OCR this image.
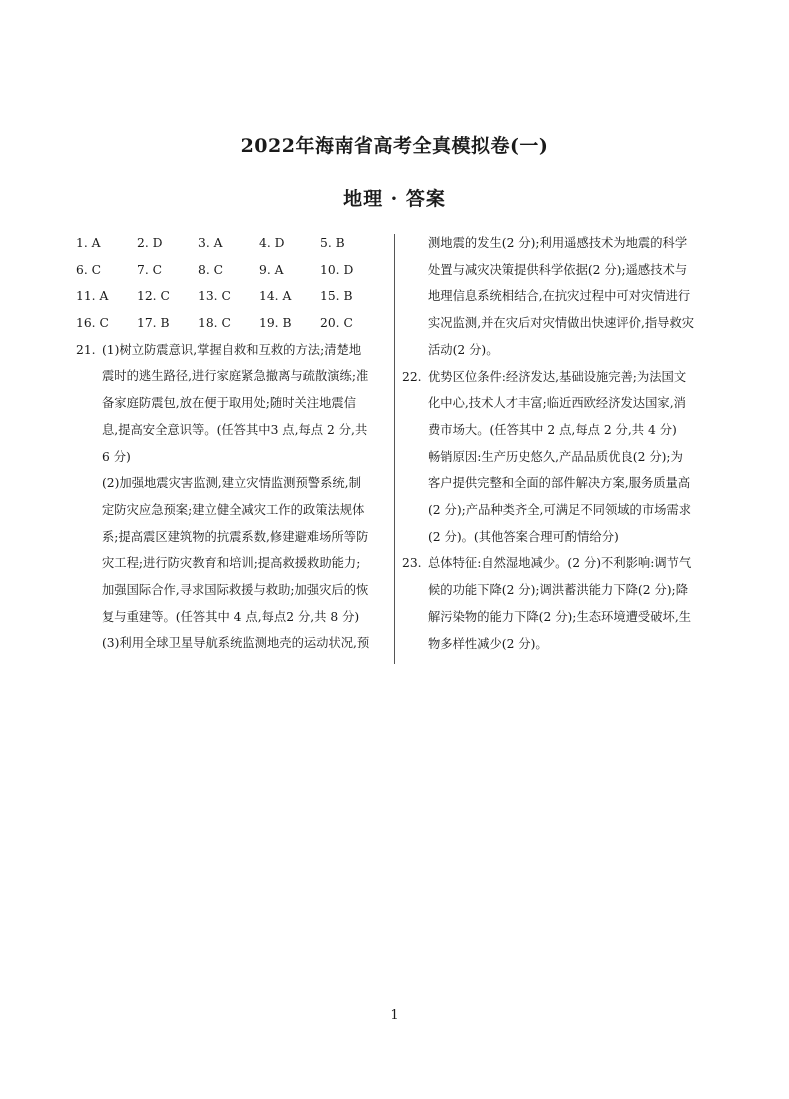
2022年海南省高考全真模拟卷(一)
地理 · 答案
1. A	2. D	3. A	4. D	5. B
6. C	7. C	8. C	9. A	10. D
11. A	12. C	13. C	14. A	15. B
16. C	17. B	18. C	19. B	20. C
21. (1)树立防震意识,掌握自救和互救的方法;清楚地
震时的逃生路径,进行家庭紧急撤离与疏散演练;准
备家庭防震包,放在便于取用处;随时关注地震信
息,提高安全意识等。(任答其中3 点,每点 2 分,共
6 分)
(2)加强地震灾害监测,建立灾情监测预警系统,制
定防灾应急预案;建立健全减灾工作的政策法规体
系;提高震区建筑物的抗震系数,修建避难场所等防
灾工程;进行防灾教育和培训;提高救援救助能力;
加强国际合作,寻求国际救援与救助;加强灾后的恢
复与重建等。(任答其中 4 点,每点2 分,共 8 分)
(3)利用全球卫星导航系统监测地壳的运动状况,预
测地震的发生(2 分);利用遥感技术为地震的科学
处置与减灾决策提供科学依据(2 分);遥感技术与
地理信息系统相结合,在抗灾过程中可对灾情进行
实况监测,并在灾后对灾情做出快速评价,指导救灾
活动(2 分)。
22. 优势区位条件:经济发达,基础设施完善;为法国文
化中心,技术人才丰富;临近西欧经济发达国家,消
费市场大。(任答其中 2 点,每点 2 分,共 4 分)
畅销原因:生产历史悠久,产品品质优良(2 分);为
客户提供完整和全面的部件解决方案,服务质量高
(2 分);产品种类齐全,可满足不同领域的市场需求
(2 分)。(其他答案合理可酌情给分)
23. 总体特征:自然湿地减少。(2 分)不利影响:调节气
候的功能下降(2 分);调洪蓄洪能力下降(2 分);降
解污染物的能力下降(2 分);生态环境遭受破坏,生
物多样性减少(2 分)。
1
